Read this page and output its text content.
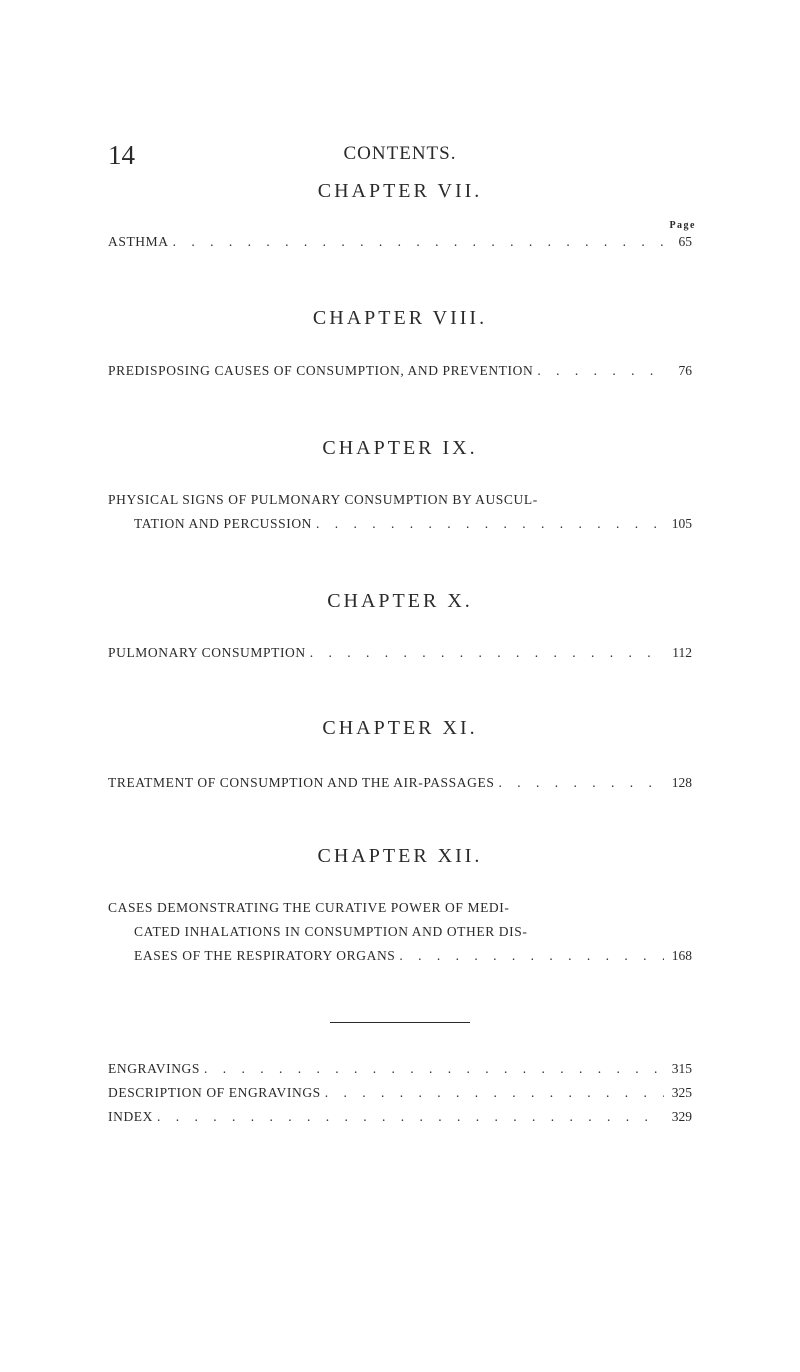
14	CONTENTS.
CHAPTER VII.
Page
ASTHMA . . .	65
CHAPTER VIII.
PREDISPOSING CAUSES OF CONSUMPTION, AND PREVENTION . . .	76
CHAPTER IX.
PHYSICAL SIGNS OF PULMONARY CONSUMPTION BY AUSCUL-
TATION AND PERCUSSION . . .	105
CHAPTER X.
PULMONARY CONSUMPTION . . .	112
CHAPTER XI.
TREATMENT OF CONSUMPTION AND THE AIR-PASSAGES . . .	128
CHAPTER XII.
CASES DEMONSTRATING THE CURATIVE POWER OF MEDI-
CATED INHALATIONS IN CONSUMPTION AND OTHER DIS-
EASES OF THE RESPIRATORY ORGANS . . .	168
ENGRAVINGS . . .	315
DESCRIPTION OF ENGRAVINGS . . .	325
INDEX . . .	329
